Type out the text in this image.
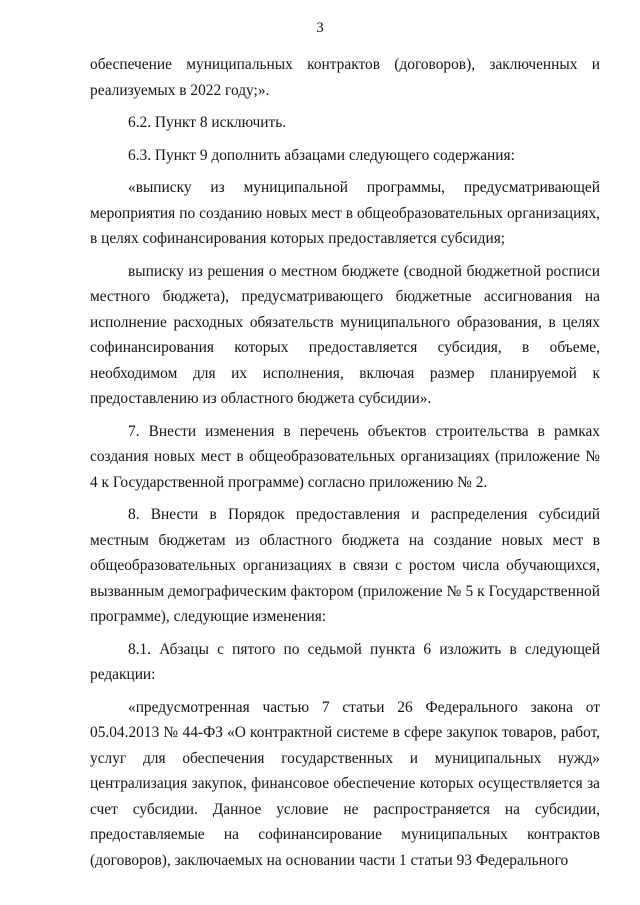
3

обеспечение муниципальных контрактов (договоров), заключенных и реализуемых в 2022 году;».

6.2. Пункт 8 исключить.

6.3. Пункт 9 дополнить абзацами следующего содержания:

«выписку из муниципальной программы, предусматривающей мероприятия по созданию новых мест в общеобразовательных организациях, в целях софинансирования которых предоставляется субсидия;

выписку из решения о местном бюджете (сводной бюджетной росписи местного бюджета), предусматривающего бюджетные ассигнования на исполнение расходных обязательств муниципального образования, в целях софинансирования которых предоставляется субсидия, в объеме, необходимом для их исполнения, включая размер планируемой к предоставлению из областного бюджета субсидии».

7. Внести изменения в перечень объектов строительства в рамках создания новых мест в общеобразовательных организациях (приложение № 4 к Государственной программе) согласно приложению № 2.

8. Внести в Порядок предоставления и распределения субсидий местным бюджетам из областного бюджета на создание новых мест в общеобразовательных организациях в связи с ростом числа обучающихся, вызванным демографическим фактором (приложение № 5 к Государственной программе), следующие изменения:

8.1. Абзацы с пятого по седьмой пункта 6 изложить в следующей редакции:

«предусмотренная частью 7 статьи 26 Федерального закона от 05.04.2013 № 44-ФЗ «О контрактной системе в сфере закупок товаров, работ, услуг для обеспечения государственных и муниципальных нужд» централизация закупок, финансовое обеспечение которых осуществляется за счет субсидии. Данное условие не распространяется на субсидии, предоставляемые на софинансирование муниципальных контрактов (договоров), заключаемых на основании части 1 статьи 93 Федерального
